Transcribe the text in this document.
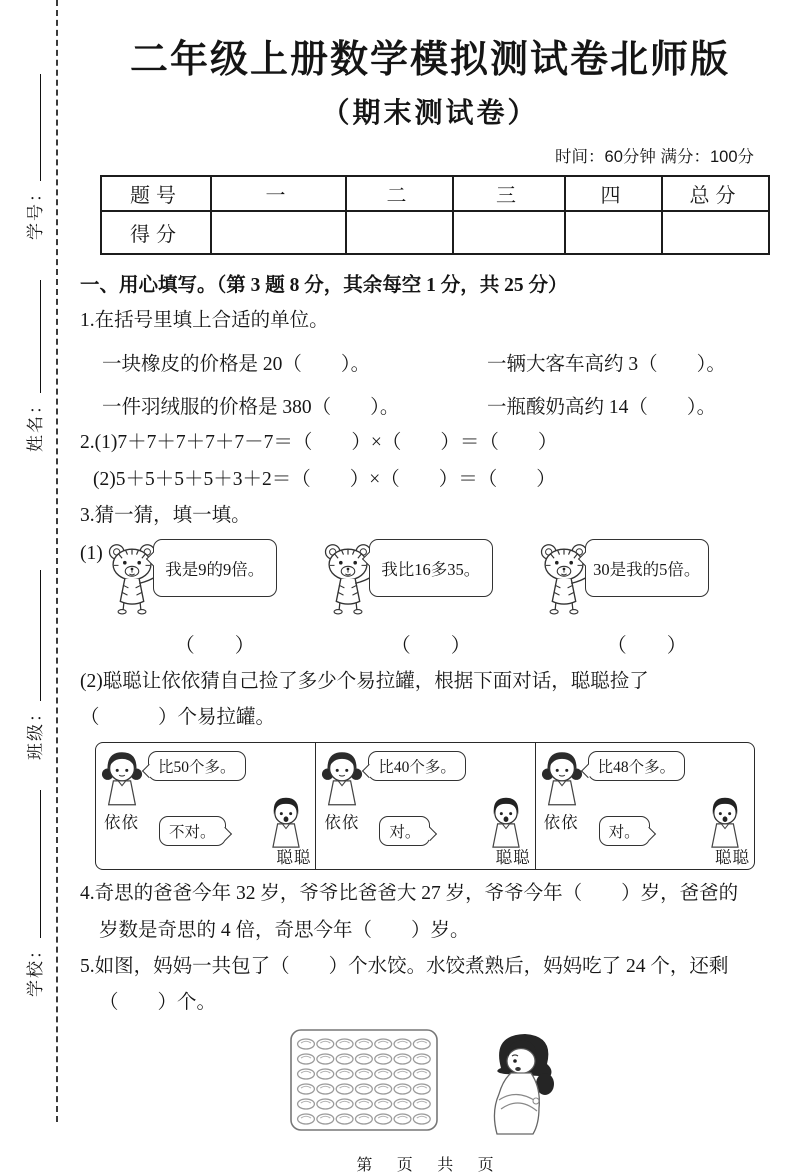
学号：
姓名：
班级：
学校：
二年级上册数学模拟测试卷北师版
（期末测试卷）
时间：60分钟 满分：100分
题号	一	二	三	四	总分
得分					
一、用心填写。（第 3 题 8 分，其余每空 1 分，共 25 分）
1.在括号里填上合适的单位。
一块橡皮的价格是 20（　　）。	一辆大客车高约 3（　　）。
一件羽绒服的价格是 380（　　）。	一瓶酸奶高约 14（　　）。
2.(1)7＋7＋7＋7＋7－7＝（　　）×（　　）＝（　　）
(2)5＋5＋5＋5＋3＋2＝（　　）×（　　）＝（　　）
3.猜一猜，填一填。
(1)
我是9的9倍。
（　　）
我比16多35。
（　　）
30是我的5倍。
（　　）
(2)聪聪让依依猜自己捡了多少个易拉罐，根据下面对话，聪聪捡了
（　　　）个易拉罐。
比50个多。
依依
不对。
聪聪
比40个多。
依依
对。
聪聪
比48个多。
依依
对。
聪聪
4.奇思的爸爸今年 32 岁，爷爷比爸爸大 27 岁，爷爷今年（　　）岁，爸爸的
岁数是奇思的 4 倍，奇思今年（　　）岁。
5.如图，妈妈一共包了（　　）个水饺。水饺煮熟后，妈妈吃了 24 个，还剩
（　　）个。
第 页 共 页
